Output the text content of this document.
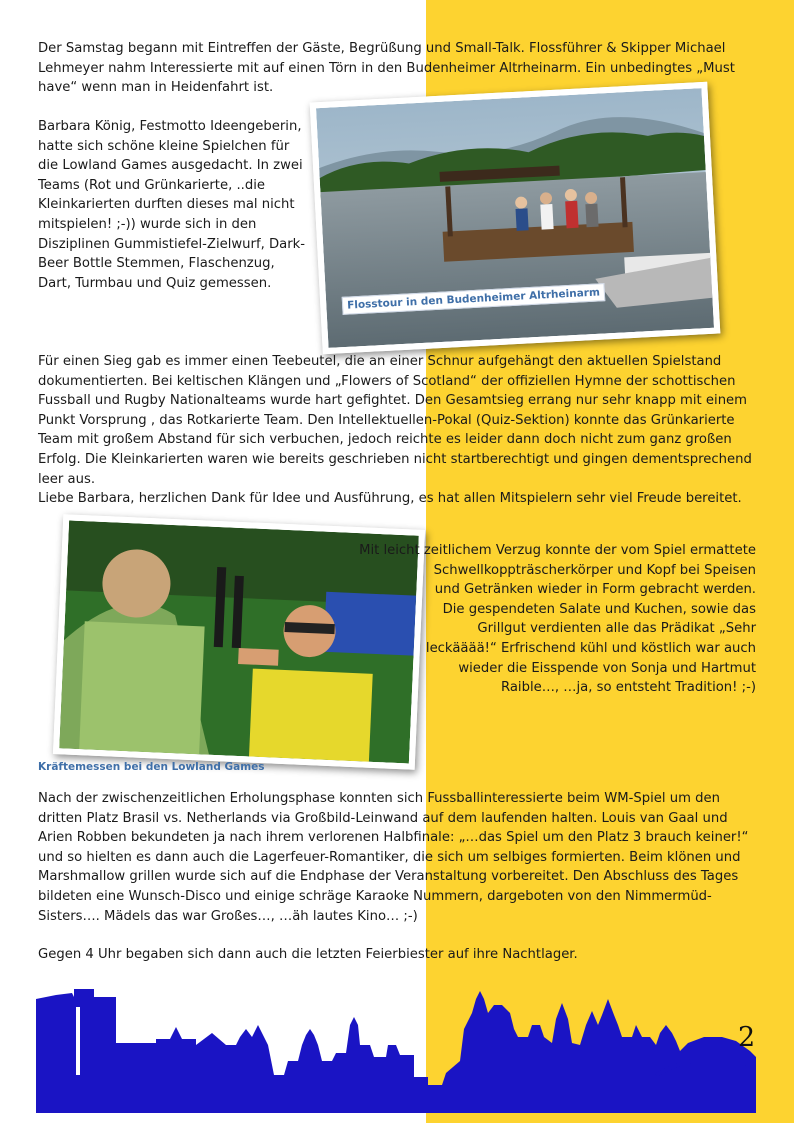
Der Samstag begann mit Eintreffen der Gäste, Begrüßung und Small-Talk. Flossführer & Skipper Michael Lehmeyer nahm Interessierte mit auf einen Törn in den Budenheimer Altrheinarm. Ein unbedingtes „Must have“ wenn man in Heidenfahrt ist.

Barbara König, Festmotto Ideengeberin, hatte sich schöne kleine Spielchen für die Lowland Games ausgedacht. In zwei Teams (Rot und Grünkarierte, ..die Kleinkarierten durften dieses mal nicht mitspielen! ;-)) wurde sich in den Disziplinen Gummistiefel-Zielwurf, Dark-Beer Bottle Stemmen, Flaschenzug, Dart, Turmbau und Quiz gemessen.

Flosstour in den Budenheimer Altrheinarm

Für einen Sieg gab es immer einen Teebeutel, die an einer Schnur aufgehängt den aktuellen Spielstand dokumentierten. Bei keltischen Klängen und „Flowers of Scotland“ der offiziellen Hymne der schottischen Fussball und Rugby Nationalteams wurde hart gefightet. Den Gesamtsieg errang nur sehr knapp mit einem Punkt Vorsprung , das Rotkarierte Team. Den Intellektuellen-Pokal (Quiz-Sektion) konnte das Grünkarierte Team mit großem Abstand für sich verbuchen, jedoch reichte es leider dann doch nicht zum ganz großen Erfolg. Die Kleinkarierten waren wie bereits geschrieben nicht startberechtigt und gingen dementsprechend leer aus.
Liebe Barbara, herzlichen Dank für Idee und Ausführung, es hat allen Mitspielern sehr viel Freude bereitet.

Kräftemessen bei den Lowland Games

Mit leicht zeitlichem Verzug konnte der vom Spiel ermattete
Schwellkoppträscherkörper und Kopf bei Speisen
und Getränken wieder in Form gebracht werden.
Die gespendeten Salate und Kuchen, sowie das
Grillgut verdienten alle das Prädikat „Sehr
leckääää!“ Erfrischend kühl und köstlich war auch
wieder die Eisspende von Sonja und Hartmut
Raible…, …ja, so entsteht Tradition! ;-)

Nach der zwischenzeitlichen Erholungsphase konnten sich Fussballinteressierte beim WM-Spiel um den dritten Platz Brasil vs. Netherlands via Großbild-Leinwand auf dem laufenden halten. Louis van Gaal und Arien Robben bekundeten ja nach ihrem verlorenen Halbfinale: „…das Spiel um den Platz 3 brauch keiner!“ und so hielten es dann auch die Lagerfeuer-Romantiker, die sich um selbiges formierten. Beim klönen und Marshmallow grillen wurde sich auf die Endphase der Veranstaltung vorbereitet. Den Abschluss des Tages bildeten eine Wunsch-Disco und einige schräge Karaoke Nummern, dargeboten von den Nimmermüd-Sisters…. Mädels das war Großes…, …äh lautes Kino… ;-)

Gegen 4 Uhr begaben sich dann auch die letzten Feierbiester auf ihre Nachtlager.

2
